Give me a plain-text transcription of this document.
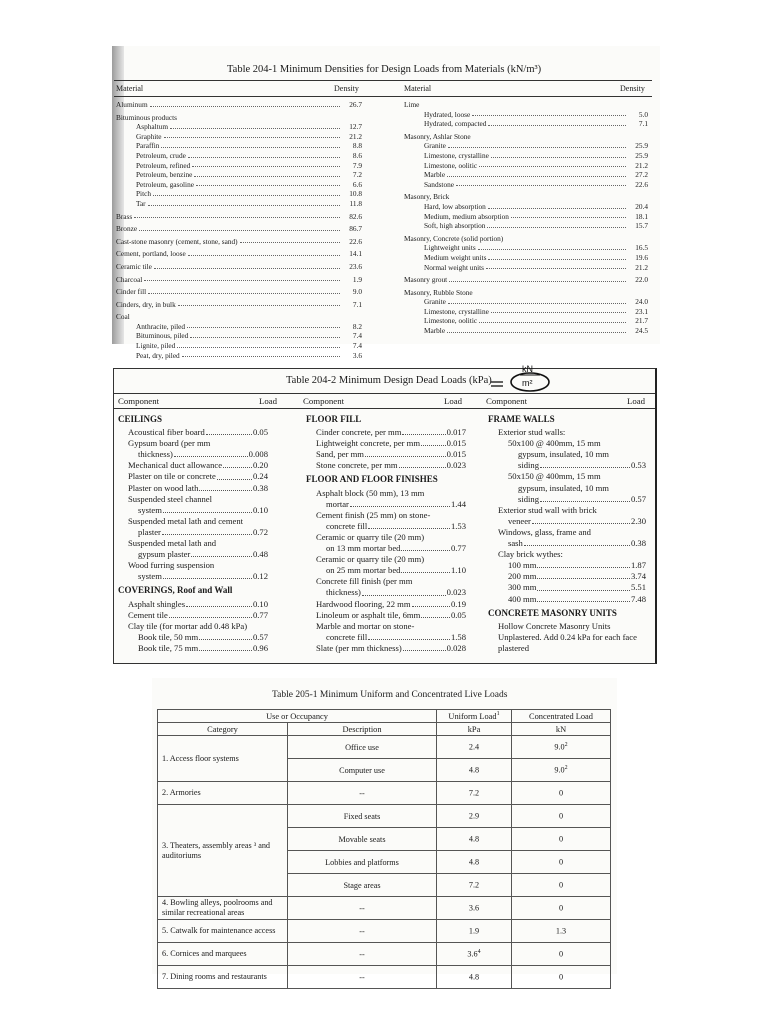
Table 204-1 Minimum Densities for Design Loads from Materials (kN/m³)
Material	Density	Material	Density
Aluminum	26.7
Bituminous products
Asphaltum	12.7
Graphite	21.2
Paraffin	8.8
Petroleum, crude	8.6
Petroleum, refined	7.9
Petroleum, benzine	7.2
Petroleum, gasoline	6.6
Pitch	10.8
Tar	11.8
Brass	82.6
Bronze	86.7
Cast-stone masonry (cement, stone, sand)	22.6
Cement, portland, loose	14.1
Ceramic tile	23.6
Charcoal	1.9
Cinder fill	9.0
Cinders, dry, in bulk	7.1
Coal
Anthracite, piled	8.2
Bituminous, piled	7.4
Lignite, piled	7.4
Peat, dry, piled	3.6
Lime
Hydrated, loose	5.0
Hydrated, compacted	7.1
Masonry, Ashlar Stone
Granite	25.9
Limestone, crystalline	25.9
Limestone, oolitic	21.2
Marble	27.2
Sandstone	22.6
Masonry, Brick
Hard, low absorption	20.4
Medium, medium absorption	18.1
Soft, high absorption	15.7
Masonry, Concrete (solid portion)
Lightweight units	16.5
Medium weight units	19.6
Normal weight units	21.2
Masonry grout	22.0
Masonry, Rubble Stone
Granite	24.0
Limestone, crystalline	23.1
Limestone, oolitic	21.7
Marble	24.5
Table 204-2 Minimum Design Dead Loads (kPa)
kN
m²
Component	Load	Component	Load	Component	Load
CEILINGS
Acoustical fiber board	0.05
Gypsum board (per mm
thickness)	0.008
Mechanical duct allowance	0.20
Plaster on tile or concrete	0.24
Plaster on wood lath	0.38
Suspended steel channel
system	0.10
Suspended metal lath and cement
plaster	0.72
Suspended metal lath and
gypsum plaster	0.48
Wood furring suspension
system	0.12
COVERINGS, Roof and Wall
Asphalt shingles	0.10
Cement tile	0.77
Clay tile (for mortar add 0.48 kPa)
Book tile, 50 mm	0.57
Book tile, 75 mm	0.96
FLOOR FILL
Cinder concrete, per mm	0.017
Lightweight concrete, per mm	0.015
Sand, per mm	0.015
Stone concrete, per mm	0.023
FLOOR AND FLOOR FINISHES
Asphalt block (50 mm), 13 mm
mortar	1.44
Cement finish (25 mm) on stone-
concrete fill	1.53
Ceramic or quarry tile (20 mm)
on 13 mm mortar bed	0.77
Ceramic or quarry tile (20 mm)
on 25 mm mortar bed	1.10
Concrete fill finish (per mm
thickness)	0.023
Hardwood flooring, 22 mm	0.19
Linoleum or asphalt tile, 6mm	0.05
Marble and mortar on stone-
concrete fill	1.58
Slate (per mm thickness)	0.028
FRAME WALLS
Exterior stud walls:
50x100 @ 400mm, 15 mm
gypsum, insulated, 10 mm
siding	0.53
50x150 @ 400mm, 15 mm
gypsum, insulated, 10 mm
siding	0.57
Exterior stud wall with brick
veneer	2.30
Windows, glass, frame and
sash	0.38
Clay brick wythes:
100 mm	1.87
200 mm	3.74
300 mm	5.51
400 mm	7.48
CONCRETE MASONRY UNITS
Hollow Concrete Masonry Units Unplastered. Add 0.24 kPa for each face plastered
Table 205-1 Minimum Uniform and Concentrated Live Loads
Use or Occupancy		Uniform Load$^1$	Concentrated Load
Category	Description	kPa	kN
1. Access floor systems	Office use	2.4	$9.0^2$
	Computer use	4.8	$9.0^2$
2. Armories	--	7.2	0
3. Theaters, assembly areas ³ and auditoriums	Fixed seats	2.9	0
	Movable seats	4.8	0
	Lobbies and platforms	4.8	0
	Stage areas	7.2	0
4. Bowling alleys, poolrooms and similar recreational areas	--	3.6	0
5. Catwalk for maintenance access	--	1.9	1.3
6. Cornices and marquees	--	$3.6^4$	0
7. Dining rooms and restaurants	--	4.8	0
